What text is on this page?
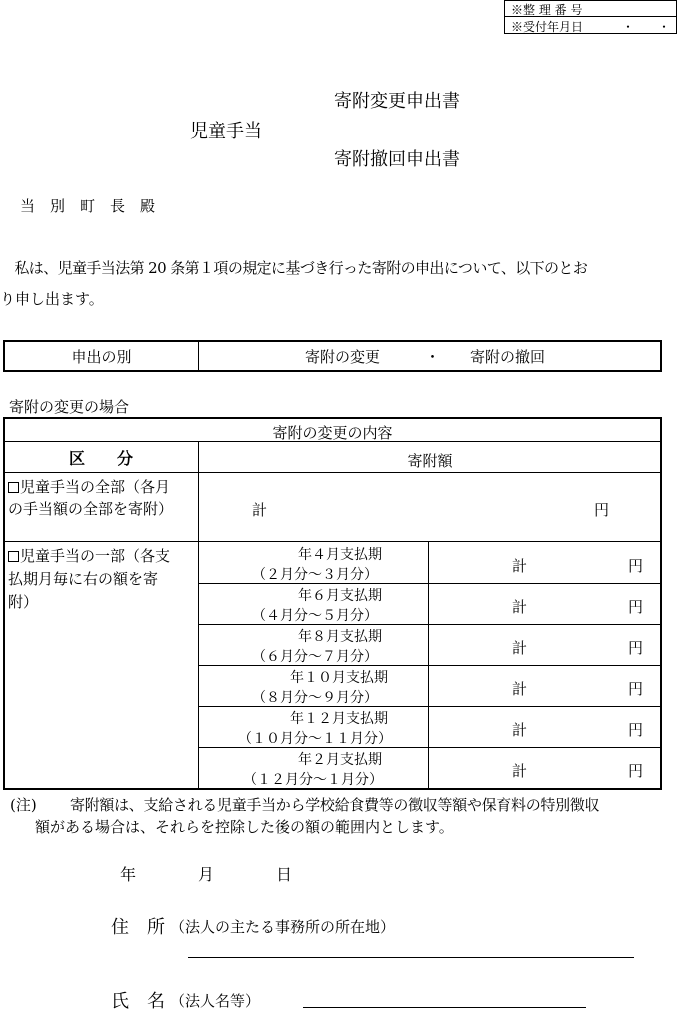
※整 理 番 号
※受付年月日	・　　・
児童手当
寄附変更申出書
寄附撤回申出書
当　別　町　長　殿
　私は、児童手当法第 20 条第１項の規定に基づき行った寄附の申出について、以下のとお
り申し出ます。
申出の別	寄附の変更	・ 寄附の撤回
寄附の変更の場合
寄附の変更の内容
区　　分	寄附額
児童手当の全部（各月
の手当額の全部を寄附）	計	円
児童手当の一部（各支
払期月毎に右の額を寄
附）
年４月支払期
（２月分～３月分）	計	円
年６月支払期
（４月分～５月分）	計	円
年８月支払期
（６月分～７月分）	計	円
年１０月支払期
（８月分～９月分）	計	円
年１２月支払期
（１０月分～１１月分）	計	円
年２月支払期
（１２月分～１月分）	計	円
(注) 寄附額は、支給される児童手当から学校給食費等の徴収等額や保育料の特別徴収
額がある場合は、それらを控除した後の額の範囲内とします。
年	月	日
住　所 （法人の主たる事務所の所在地）
氏　名 （法人名等）
